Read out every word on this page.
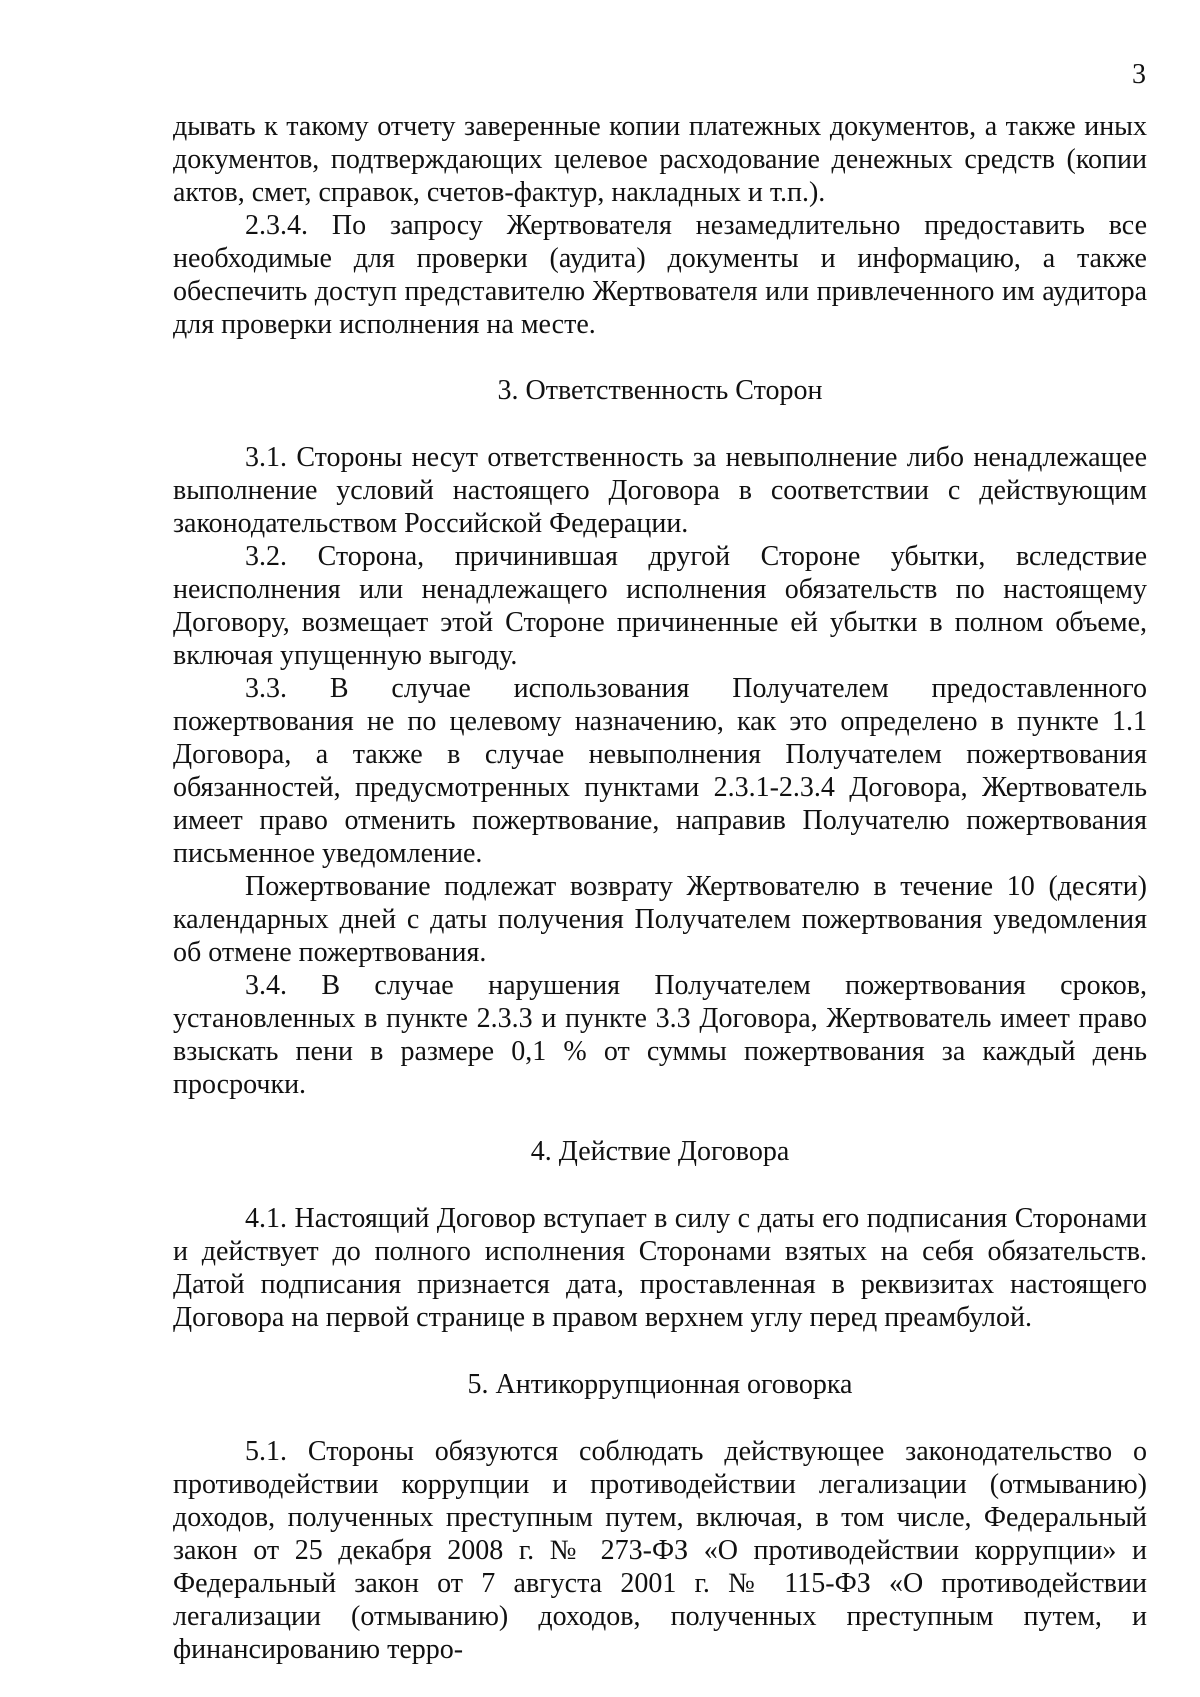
3

дывать к такому отчету заверенные копии платежных документов, а также иных документов, подтверждающих целевое расходование денежных средств (копии актов, смет, справок, счетов-фактур, накладных и т.п.).

2.3.4. По запросу Жертвователя незамедлительно предоставить все необходимые для проверки (аудита) документы и информацию, а также обеспечить доступ представителю Жертвователя или привлеченного им аудитора для проверки исполнения на месте.

3. Ответственность Сторон

3.1. Стороны несут ответственность за невыполнение либо ненадлежащее выполнение условий настоящего Договора в соответствии с действующим законодательством Российской Федерации.

3.2. Сторона, причинившая другой Стороне убытки, вследствие неисполнения или ненадлежащего исполнения обязательств по настоящему Договору, возмещает этой Стороне причиненные ей убытки в полном объеме, включая упущенную выгоду.

3.3. В случае использования Получателем предоставленного пожертвования не по целевому назначению, как это определено в пункте 1.1 Договора, а также в случае невыполнения Получателем пожертвования обязанностей, предусмотренных пунктами 2.3.1-2.3.4 Договора, Жертвователь имеет право отменить пожертвование, направив Получателю пожертвования письменное уведомление.

Пожертвование подлежат возврату Жертвователю в течение 10 (десяти) календарных дней с даты получения Получателем пожертвования уведомления об отмене пожертвования.

3.4. В случае нарушения Получателем пожертвования сроков, установленных в пункте 2.3.3 и пункте 3.3 Договора, Жертвователь имеет право взыскать пени в размере 0,1 % от суммы пожертвования за каждый день просрочки.

4. Действие Договора

4.1. Настоящий Договор вступает в силу с даты его подписания Сторонами и действует до полного исполнения Сторонами взятых на себя обязательств. Датой подписания признается дата, проставленная в реквизитах настоящего Договора на первой странице в правом верхнем углу перед преамбулой.

5. Антикоррупционная оговорка

5.1. Стороны обязуются соблюдать действующее законодательство о противодействии коррупции и противодействии легализации (отмыванию) доходов, полученных преступным путем, включая, в том числе, Федеральный закон от 25 декабря 2008 г. № 273-ФЗ «О противодействии коррупции» и Федеральный закон от 7 августа 2001 г. № 115-ФЗ «О противодействии легализации (отмыванию) доходов, полученных преступным путем, и финансированию терро-
